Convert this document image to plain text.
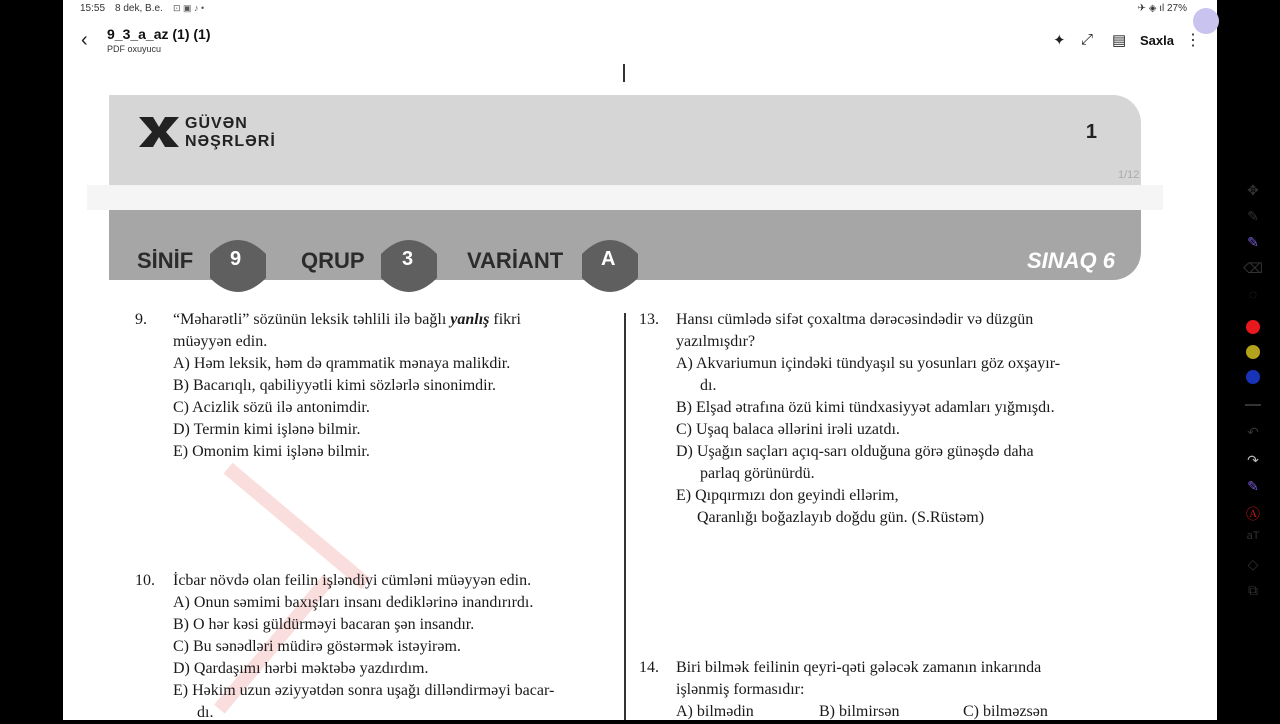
15:55 8 dek, B.e. ⊡ ▣ ♪ •	✈ ◈ ıl 27%
‹ 9_3_a_az (1) (1)
PDF oxuyucu	✦ ⤢ ▤ Saxla ⋮
GÜVƏN
NƏŞRLƏRİ	1
1/12
SİNİF 9	QRUP 3 VARİANT A	SINAQ 6
9. “Məharətli” sözünün leksik təhlili ilə bağlı yanlış fikri
müəyyən edin.
A) Həm leksik, həm də qrammatik mənaya malikdir.
B) Bacarıqlı, qabiliyyətli kimi sözlərlə sinonimdir.
C) Acizlik sözü ilə antonimdir.
D) Termin kimi işlənə bilmir.
E) Omonim kimi işlənə bilmir.
10. İcbar növdə olan feilin işləndiyi cümləni müəyyən edin.
A) Onun səmimi baxışları insanı dediklərinə inandırırdı.
B) O hər kəsi güldürməyi bacaran şən insandır.
C) Bu sənədləri müdirə göstərmək istəyirəm.
D) Qardaşımı hərbi məktəbə yazdırdım.
E) Həkim uzun əziyyətdən sonra uşağı dilləndirməyi bacar-
dı.
13. Hansı cümlədə sifət çoxaltma dərəcəsindədir və düzgün
yazılmışdır?
A) Akvariumun içindəki tündyaşıl su yosunları göz oxşayır-
dı.
B) Elşad ətrafına özü kimi tündxasiyyət adamları yığmışdı.
C) Uşaq balaca əllərini irəli uzatdı.
D) Uşağın saçları açıq-sarı olduğuna görə günəşdə daha
parlaq görünürdü.
E) Qıpqırmızı don geyindi ellərim,
Qaranlığı boğazlayıb doğdu gün. (S.Rüstəm)
14. Biri bilmək feilinin qeyri-qəti gələcək zamanın inkarında
işlənmiş formasıdır:
A) bilmədin	B) bilmirsən	C) bilməzsən
✥
✎
✎
⌫
◌
↶
↷
✎
Ⓐ
aT
◇
⧉
